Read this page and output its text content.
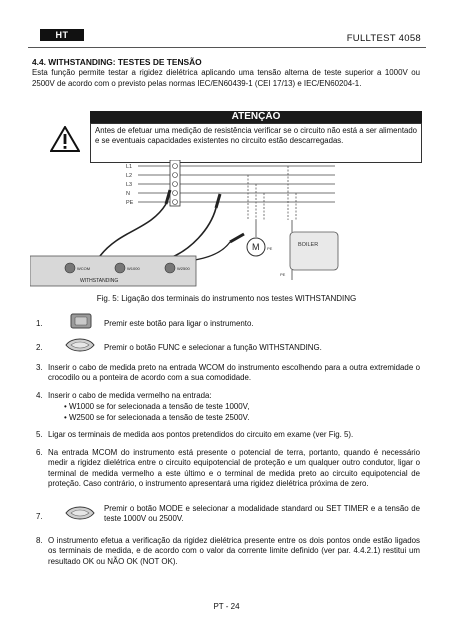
HT	FULLTEST 4058
4.4. WITHSTANDING: TESTES DE TENSÃO
Esta função permite testar a rigidez dielétrica aplicando uma tensão alterna de teste superior a 1000V ou 2500V de acordo com o previsto pelas normas IEC/EN60439-1 (CEI 17/13) e IEC/EN60204-1.
ATENÇÃO
Antes de efetuar uma medição de resistência verificar se o circuito não está a ser alimentado e se eventuais capacidades existentes no circuito estão descarregadas.
L1
L2
L3
N
PE
M PE
BOILER
PE
WCOM	W1000	W2500
WITHSTANDING
Fig. 5: Ligação dos terminais do instrumento nos testes WITHSTANDING
1.	Premir este botão para ligar o instrumento.
2.	Premir o botão FUNC e selecionar a função WITHSTANDING.
3. Inserir o cabo de medida preto na entrada WCOM do instrumento escolhendo para a outra extremidade o crocodilo ou a ponteira de acordo com a sua comodidade.
4. Inserir o cabo de medida vermelho na entrada:
• W1000 se for selecionada a tensão de teste 1000V,
• W2500 se for selecionada a tensão de teste 2500V.
5. Ligar os terminais de medida aos pontos pretendidos do circuito em exame (ver Fig. 5).
6. Na entrada MCOM do instrumento está presente o potencial de terra, portanto, quando é necessário medir a rigidez dielétrica entre o circuito equipotencial de proteção e um qualquer outro condutor, ligar o terminal de medida vermelho a este último e o terminal de medida preto ao circuito equipotencial de proteção. Caso contrário, o instrumento apresentará uma rigidez dielétrica próxima de zero.
7.
Premir o botão MODE e selecionar a modalidade standard ou SET TIMER e a tensão de teste 1000V ou 2500V.
8. O instrumento efetua a verificação da rigidez dielétrica presente entre os dois pontos onde estão ligados os terminais de medida, e de acordo com o valor da corrente limite definido (ver par. 4.4.2.1) restitui um resultado OK ou NÃO OK (NOT OK).
PT - 24
